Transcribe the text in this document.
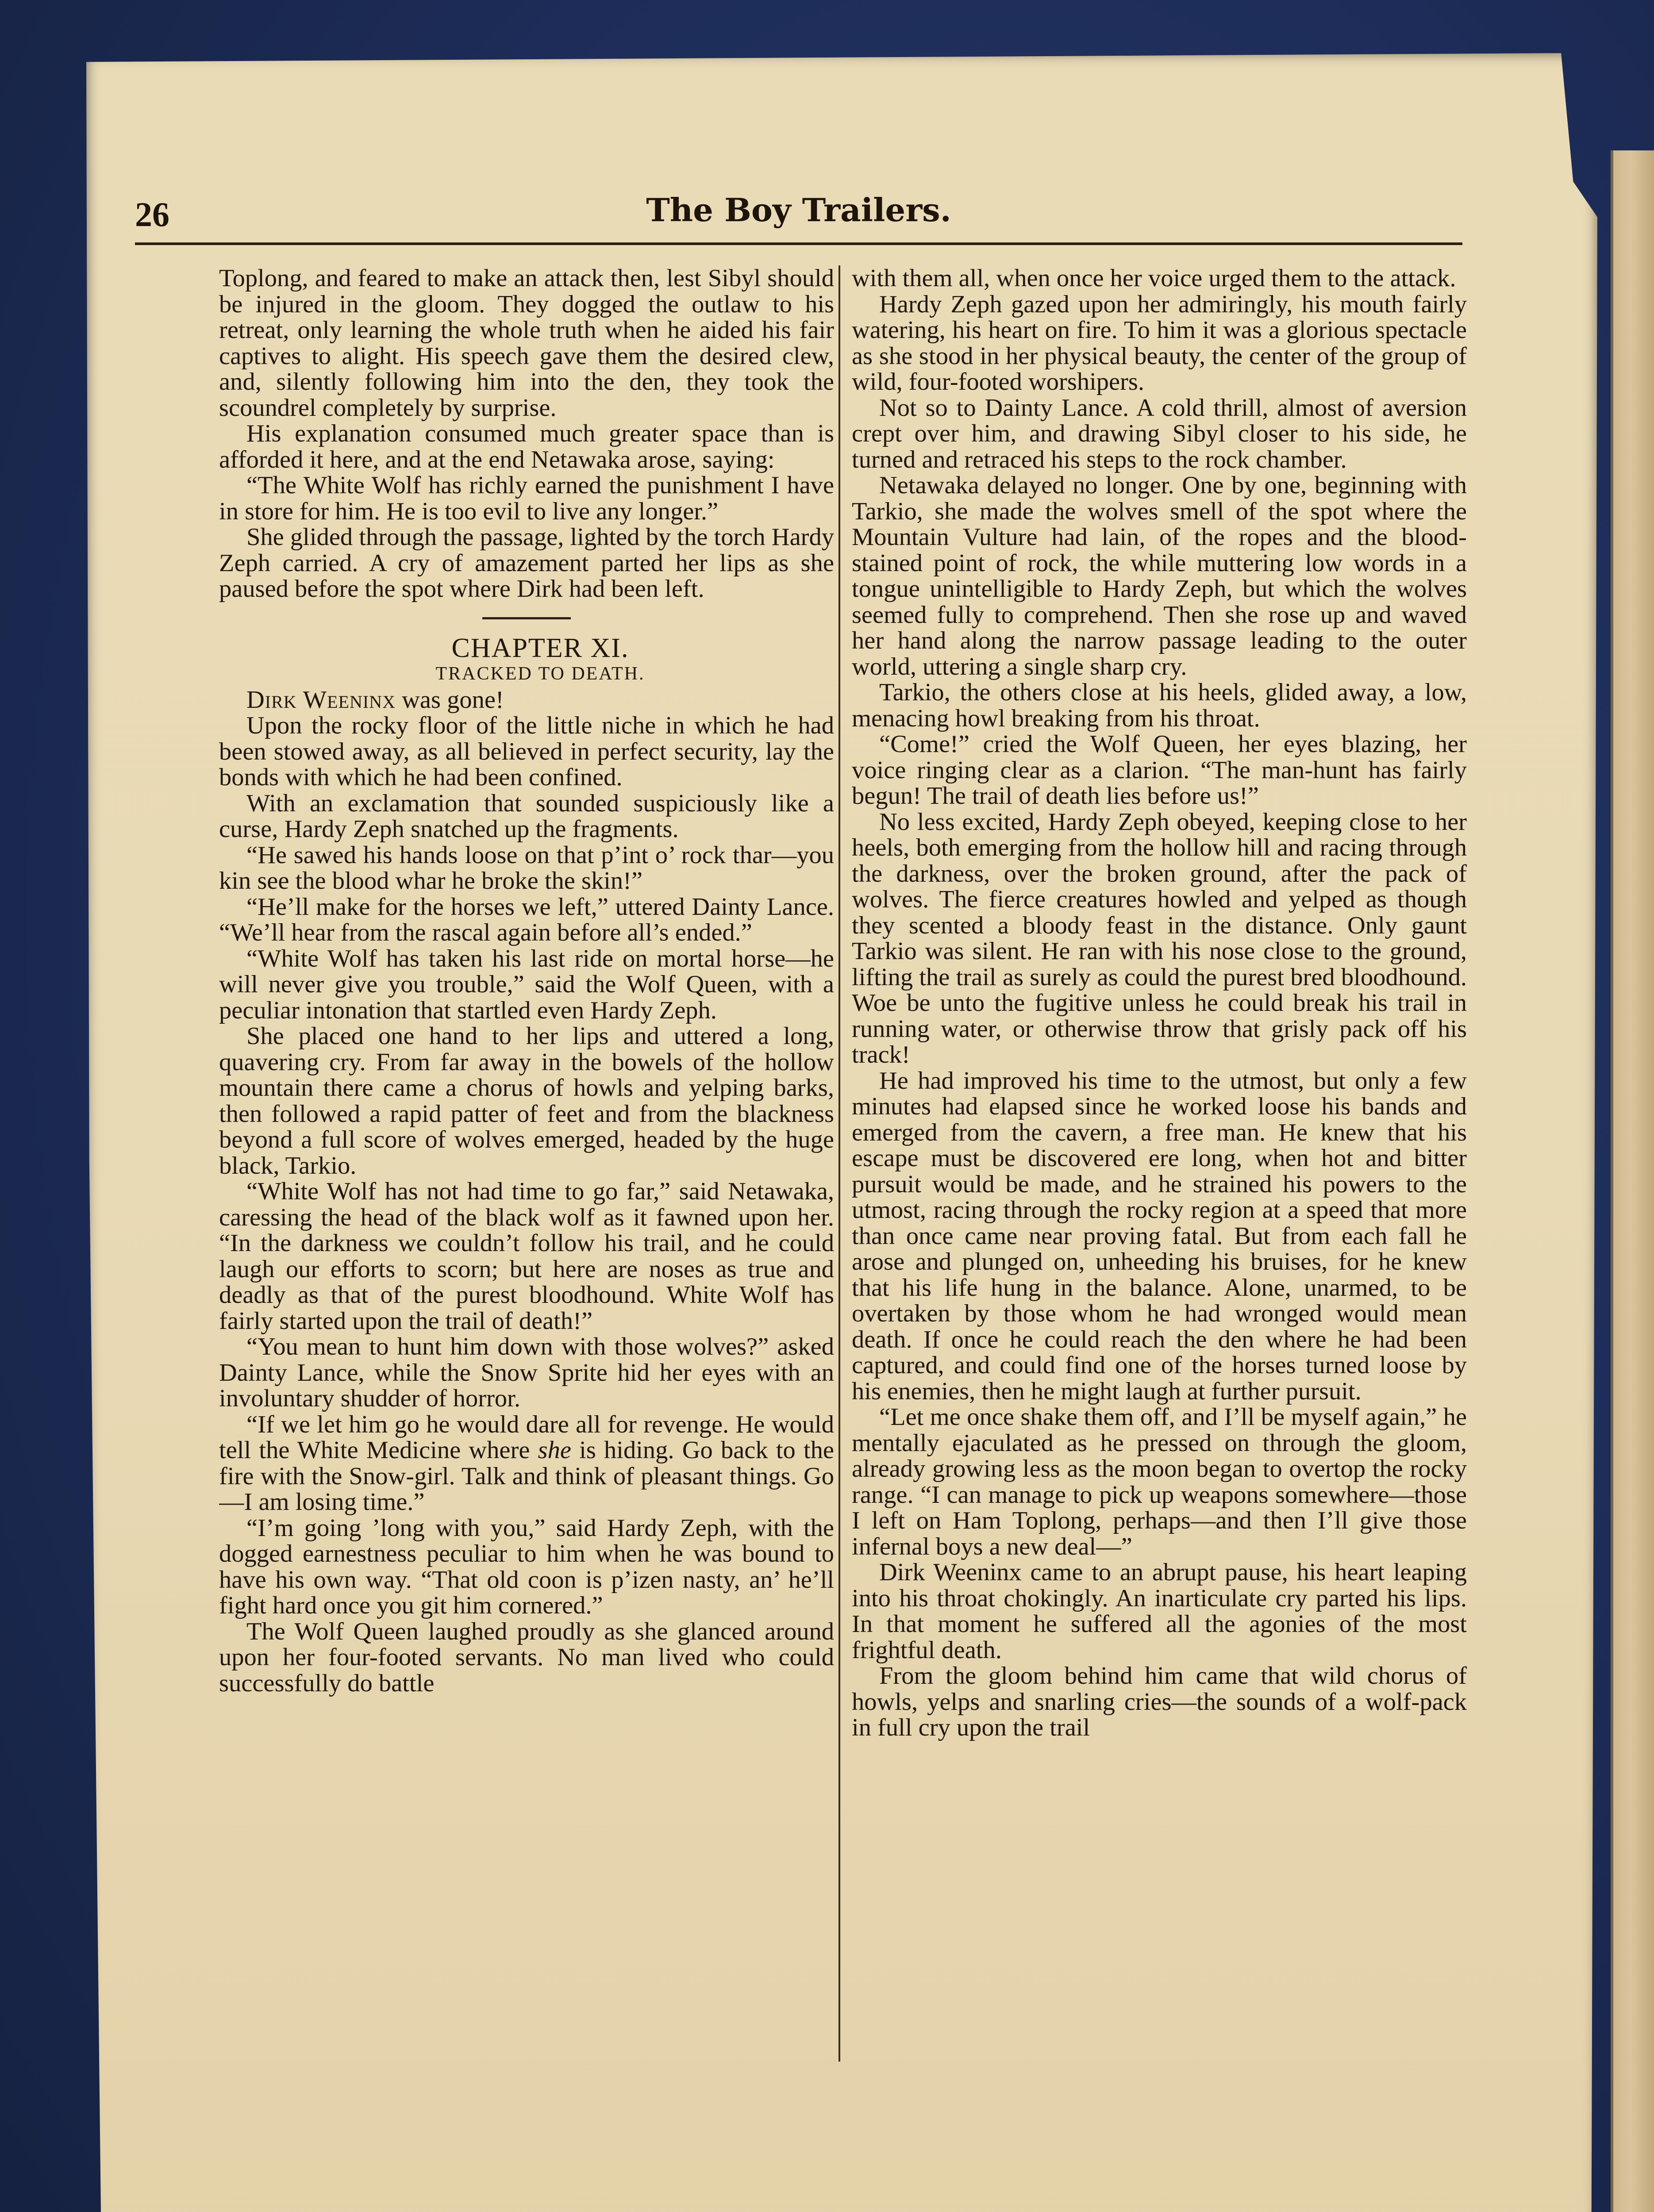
26	The Boy Trailers.

Toplong, and feared to make an attack then, lest Sibyl should be injured in the gloom. They dogged the outlaw to his retreat, only learning the whole truth when he aided his fair captives to alight. His speech gave them the desired clew, and, silently following him into the den, they took the scoundrel completely by surprise.

His explanation consumed much greater space than is afforded it here, and at the end Netawaka arose, saying:

“The White Wolf has richly earned the punishment I have in store for him. He is too evil to live any longer.”

She glided through the passage, lighted by the torch Hardy Zeph carried. A cry of amazement parted her lips as she paused before the spot where Dirk had been left.

CHAPTER XI.

TRACKED TO DEATH.

Dirk Weeninx was gone!

Upon the rocky floor of the little niche in which he had been stowed away, as all believed in perfect security, lay the bonds with which he had been confined.

With an exclamation that sounded suspiciously like a curse, Hardy Zeph snatched up the fragments.

“He sawed his hands loose on that p’int o’ rock thar—you kin see the blood whar he broke the skin!”

“He’ll make for the horses we left,” uttered Dainty Lance. “We’ll hear from the rascal again before all’s ended.”

“White Wolf has taken his last ride on mortal horse—he will never give you trouble,” said the Wolf Queen, with a peculiar intonation that startled even Hardy Zeph.

She placed one hand to her lips and uttered a long, quavering cry. From far away in the bowels of the hollow mountain there came a chorus of howls and yelping barks, then followed a rapid patter of feet and from the blackness beyond a full score of wolves emerged, headed by the huge black, Tarkio.

“White Wolf has not had time to go far,” said Netawaka, caressing the head of the black wolf as it fawned upon her. “In the darkness we couldn’t follow his trail, and he could laugh our efforts to scorn; but here are noses as true and deadly as that of the purest bloodhound. White Wolf has fairly started upon the trail of death!”

“You mean to hunt him down with those wolves?” asked Dainty Lance, while the Snow Sprite hid her eyes with an involuntary shudder of horror.

“If we let him go he would dare all for revenge. He would tell the White Medicine where she is hiding. Go back to the fire with the Snow-girl. Talk and think of pleasant things. Go—I am losing time.”

“I’m going ’long with you,” said Hardy Zeph, with the dogged earnestness peculiar to him when he was bound to have his own way. “That old coon is p’izen nasty, an’ he’ll fight hard once you git him cornered.”

The Wolf Queen laughed proudly as she glanced around upon her four-footed servants. No man lived who could successfully do battle

with them all, when once her voice urged them to the attack.

Hardy Zeph gazed upon her admiringly, his mouth fairly watering, his heart on fire. To him it was a glorious spectacle as she stood in her physical beauty, the center of the group of wild, four-footed worshipers.

Not so to Dainty Lance. A cold thrill, almost of aversion crept over him, and drawing Sibyl closer to his side, he turned and retraced his steps to the rock chamber.

Netawaka delayed no longer. One by one, beginning with Tarkio, she made the wolves smell of the spot where the Mountain Vulture had lain, of the ropes and the blood-stained point of rock, the while muttering low words in a tongue unintelligible to Hardy Zeph, but which the wolves seemed fully to comprehend. Then she rose up and waved her hand along the narrow passage leading to the outer world, uttering a single sharp cry.

Tarkio, the others close at his heels, glided away, a low, menacing howl breaking from his throat.

“Come!” cried the Wolf Queen, her eyes blazing, her voice ringing clear as a clarion. “The man-hunt has fairly begun! The trail of death lies before us!”

No less excited, Hardy Zeph obeyed, keeping close to her heels, both emerging from the hollow hill and racing through the darkness, over the broken ground, after the pack of wolves. The fierce creatures howled and yelped as though they scented a bloody feast in the distance. Only gaunt Tarkio was silent. He ran with his nose close to the ground, lifting the trail as surely as could the purest bred bloodhound. Woe be unto the fugitive unless he could break his trail in running water, or otherwise throw that grisly pack off his track!

He had improved his time to the utmost, but only a few minutes had elapsed since he worked loose his bands and emerged from the cavern, a free man. He knew that his escape must be discovered ere long, when hot and bitter pursuit would be made, and he strained his powers to the utmost, racing through the rocky region at a speed that more than once came near proving fatal. But from each fall he arose and plunged on, unheeding his bruises, for he knew that his life hung in the balance. Alone, unarmed, to be overtaken by those whom he had wronged would mean death. If once he could reach the den where he had been captured, and could find one of the horses turned loose by his enemies, then he might laugh at further pursuit.

“Let me once shake them off, and I’ll be myself again,” he mentally ejaculated as he pressed on through the gloom, already growing less as the moon began to overtop the rocky range. “I can manage to pick up weapons somewhere—those I left on Ham Toplong, perhaps—and then I’ll give those infernal boys a new deal—”

Dirk Weeninx came to an abrupt pause, his heart leaping into his throat chokingly. An inarticulate cry parted his lips. In that moment he suffered all the agonies of the most frightful death.

From the gloom behind him came that wild chorus of howls, yelps and snarling cries—the sounds of a wolf-pack in full cry upon the trail
